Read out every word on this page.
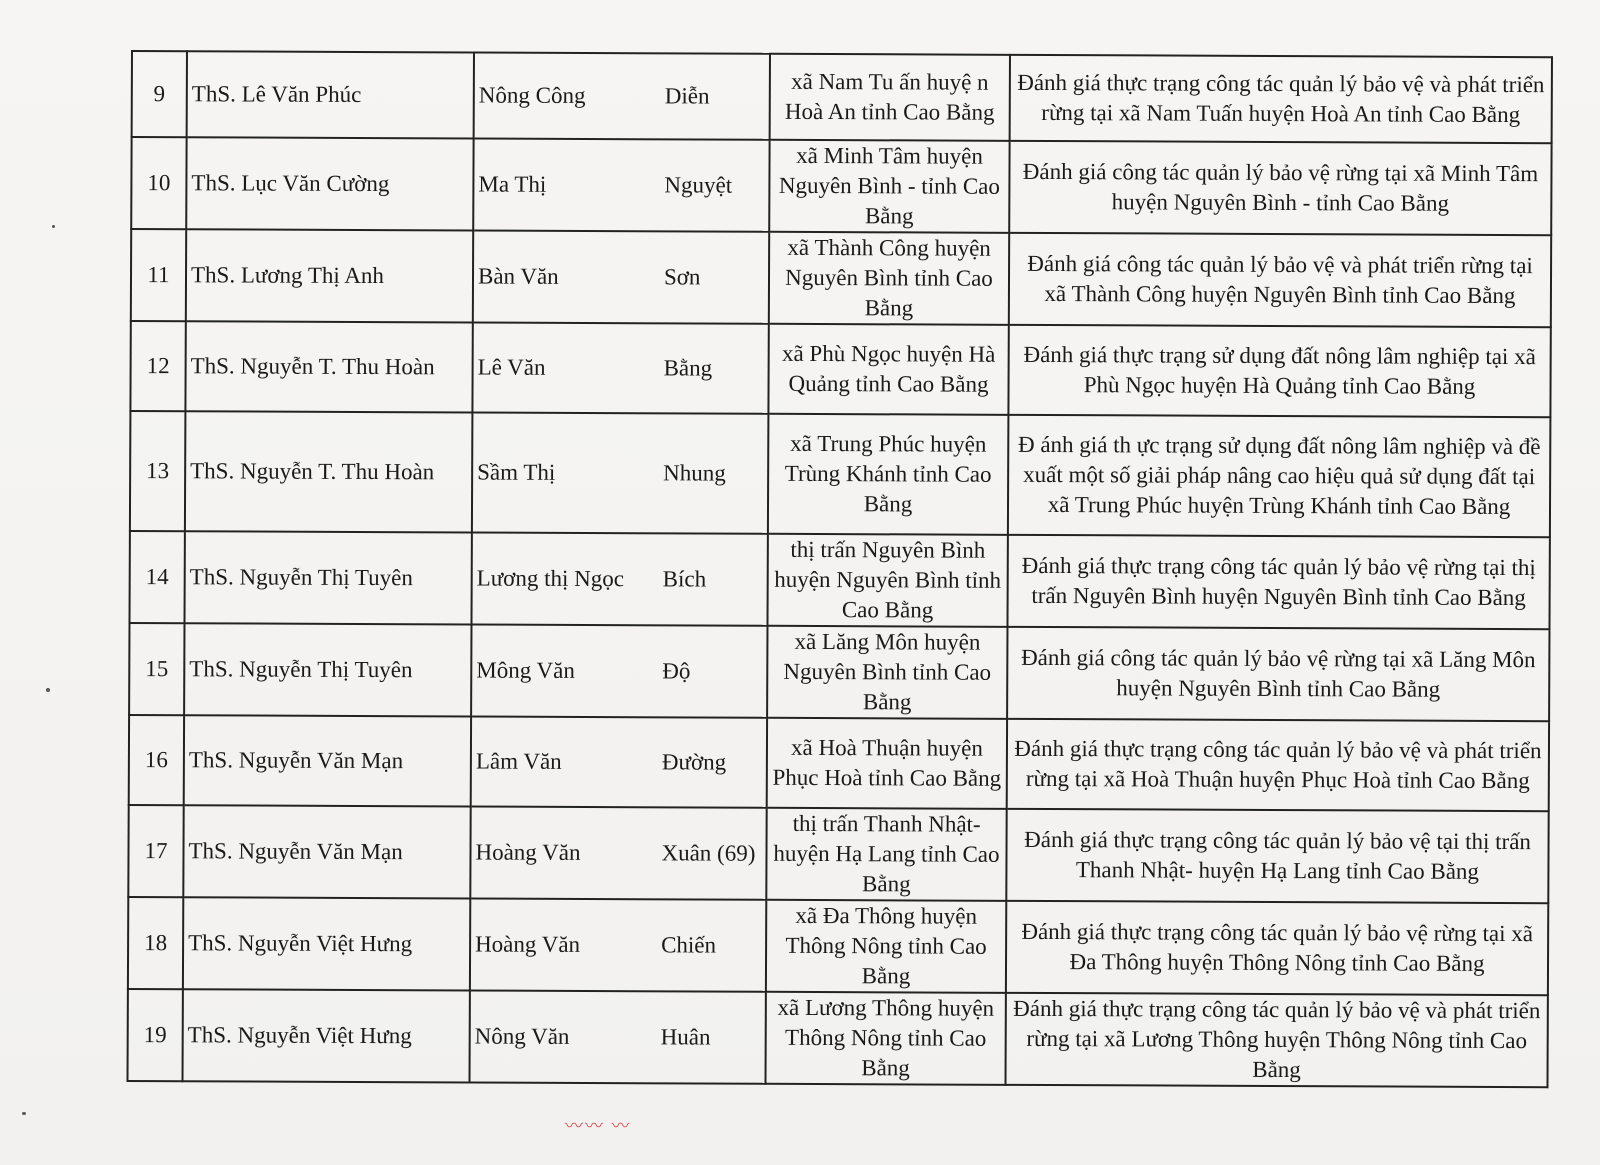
9	ThS. Lê Văn Phúc	Nông Công Diễn	xã Nam Tu ấn huyệ n Hoà An tỉnh Cao Bằng	Đánh giá thực trạng công tác quản lý bảo vệ và phát triển rừng tại xã Nam Tuấn huyện Hoà An tỉnh Cao Bằng
10	ThS. Lục Văn Cường	Ma Thị Nguyệt	xã Minh Tâm huyện Nguyên Bình - tỉnh Cao Bằng	Đánh giá công tác quản lý bảo vệ rừng tại xã Minh Tâm huyện Nguyên Bình - tỉnh Cao Bằng
11	ThS. Lương Thị Anh	Bàn Văn Sơn	xã Thành Công huyện Nguyên Bình tỉnh Cao Bằng	Đánh giá công tác quản lý bảo vệ và phát triển rừng tại xã Thành Công huyện Nguyên Bình tỉnh Cao Bằng
12	ThS. Nguyễn T. Thu Hoàn	Lê Văn Bằng	xã Phù Ngọc huyện Hà Quảng tỉnh Cao Bằng	Đánh giá thực trạng sử dụng đất nông lâm nghiệp tại xã Phù Ngọc huyện Hà Quảng tỉnh Cao Bằng
13	ThS. Nguyễn T. Thu Hoàn	Sầm Thị Nhung	xã Trung Phúc huyện Trùng Khánh tỉnh Cao Bằng	Đ ánh giá th ực trạng sử dụng đất nông lâm nghiệp và đề xuất một số giải pháp nâng cao hiệu quả sử dụng đất tại xã Trung Phúc huyện Trùng Khánh tỉnh Cao Bằng
14	ThS. Nguyễn Thị Tuyên	Lương thị Ngọc Bích	thị trấn Nguyên Bình huyện Nguyên Bình tỉnh Cao Bằng	Đánh giá thực trạng công tác quản lý bảo vệ rừng tại thị trấn Nguyên Bình huyện Nguyên Bình tỉnh Cao Bằng
15	ThS. Nguyễn Thị Tuyên	Mông Văn Độ	xã Lăng Môn huyện Nguyên Bình tỉnh Cao Bằng	Đánh giá công tác quản lý bảo vệ rừng tại xã Lăng Môn huyện Nguyên Bình tỉnh Cao Bằng
16	ThS. Nguyễn Văn Mạn	Lâm Văn Đường	xã Hoà Thuận huyện Phục Hoà tỉnh Cao Bằng	Đánh giá thực trạng công tác quản lý bảo vệ và phát triển rừng tại xã Hoà Thuận huyện Phục Hoà tỉnh Cao Bằng
17	ThS. Nguyễn Văn Mạn	Hoàng Văn Xuân (69)	thị trấn Thanh Nhật- huyện Hạ Lang tỉnh Cao Bằng	Đánh giá thực trạng công tác quản lý bảo vệ tại thị trấn Thanh Nhật- huyện Hạ Lang tỉnh Cao Bằng
18	ThS. Nguyễn Việt Hưng	Hoàng Văn Chiến	xã Đa Thông huyện Thông Nông tỉnh Cao Bằng	Đánh giá thực trạng công tác quản lý bảo vệ rừng tại xã Đa Thông huyện Thông Nông tỉnh Cao Bằng
19	ThS. Nguyễn Việt Hưng	Nông Văn Huân	xã Lương Thông huyện Thông Nông tỉnh Cao Bằng	Đánh giá thực trạng công tác quản lý bảo vệ và phát triển rừng tại xã Lương Thông huyện Thông Nông tỉnh Cao Bằng
〰︎〰︎ 〰︎
